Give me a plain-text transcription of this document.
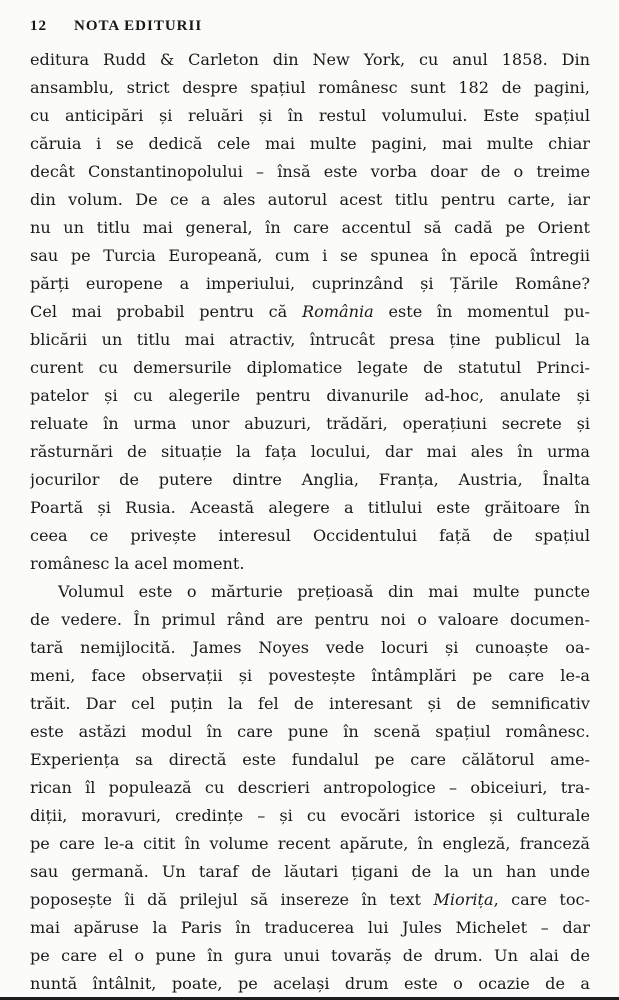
12 NOTA EDITURII
editura Rudd & Carleton din New York, cu anul 1858. Din
ansamblu, strict despre spațiul românesc sunt 182 de pagini,
cu anticipări și reluări și în restul volumului. Este spațiul
căruia i se dedică cele mai multe pagini, mai multe chiar
decât Constantinopolului – însă este vorba doar de o treime
din volum. De ce a ales autorul acest titlu pentru carte, iar
nu un titlu mai general, în care accentul să cadă pe Orient
sau pe Turcia Europeană, cum i se spunea în epocă întregii
părți europene a imperiului, cuprinzând și Țările Române?
Cel mai probabil pentru că România este în momentul pu-
blicării un titlu mai atractiv, întrucât presa ține publicul la
curent cu demersurile diplomatice legate de statutul Princi-
patelor și cu alegerile pentru divanurile ad-hoc, anulate și
reluate în urma unor abuzuri, trădări, operațiuni secrete și
răsturnări de situație la fața locului, dar mai ales în urma
jocurilor de putere dintre Anglia, Franța, Austria, Înalta
Poartă și Rusia. Această alegere a titlului este grăitoare în
ceea ce privește interesul Occidentului față de spațiul
românesc la acel moment.
Volumul este o mărturie prețioasă din mai multe puncte
de vedere. În primul rând are pentru noi o valoare documen-
tară nemijlocită. James Noyes vede locuri și cunoaște oa-
meni, face observații și povestește întâmplări pe care le-a
trăit. Dar cel puțin la fel de interesant și de semnificativ
este astăzi modul în care pune în scenă spațiul românesc.
Experiența sa directă este fundalul pe care călătorul ame-
rican îl populează cu descrieri antropologice – obiceiuri, tra-
diții, moravuri, credințe – și cu evocări istorice și culturale
pe care le-a citit în volume recent apărute, în engleză, franceză
sau germană. Un taraf de lăutari țigani de la un han unde
poposește îi dă prilejul să insereze în text Miorița, care toc-
mai apăruse la Paris în traducerea lui Jules Michelet – dar
pe care el o pune în gura unui tovarăș de drum. Un alai de
nuntă întâlnit, poate, pe același drum este o ocazie de a
